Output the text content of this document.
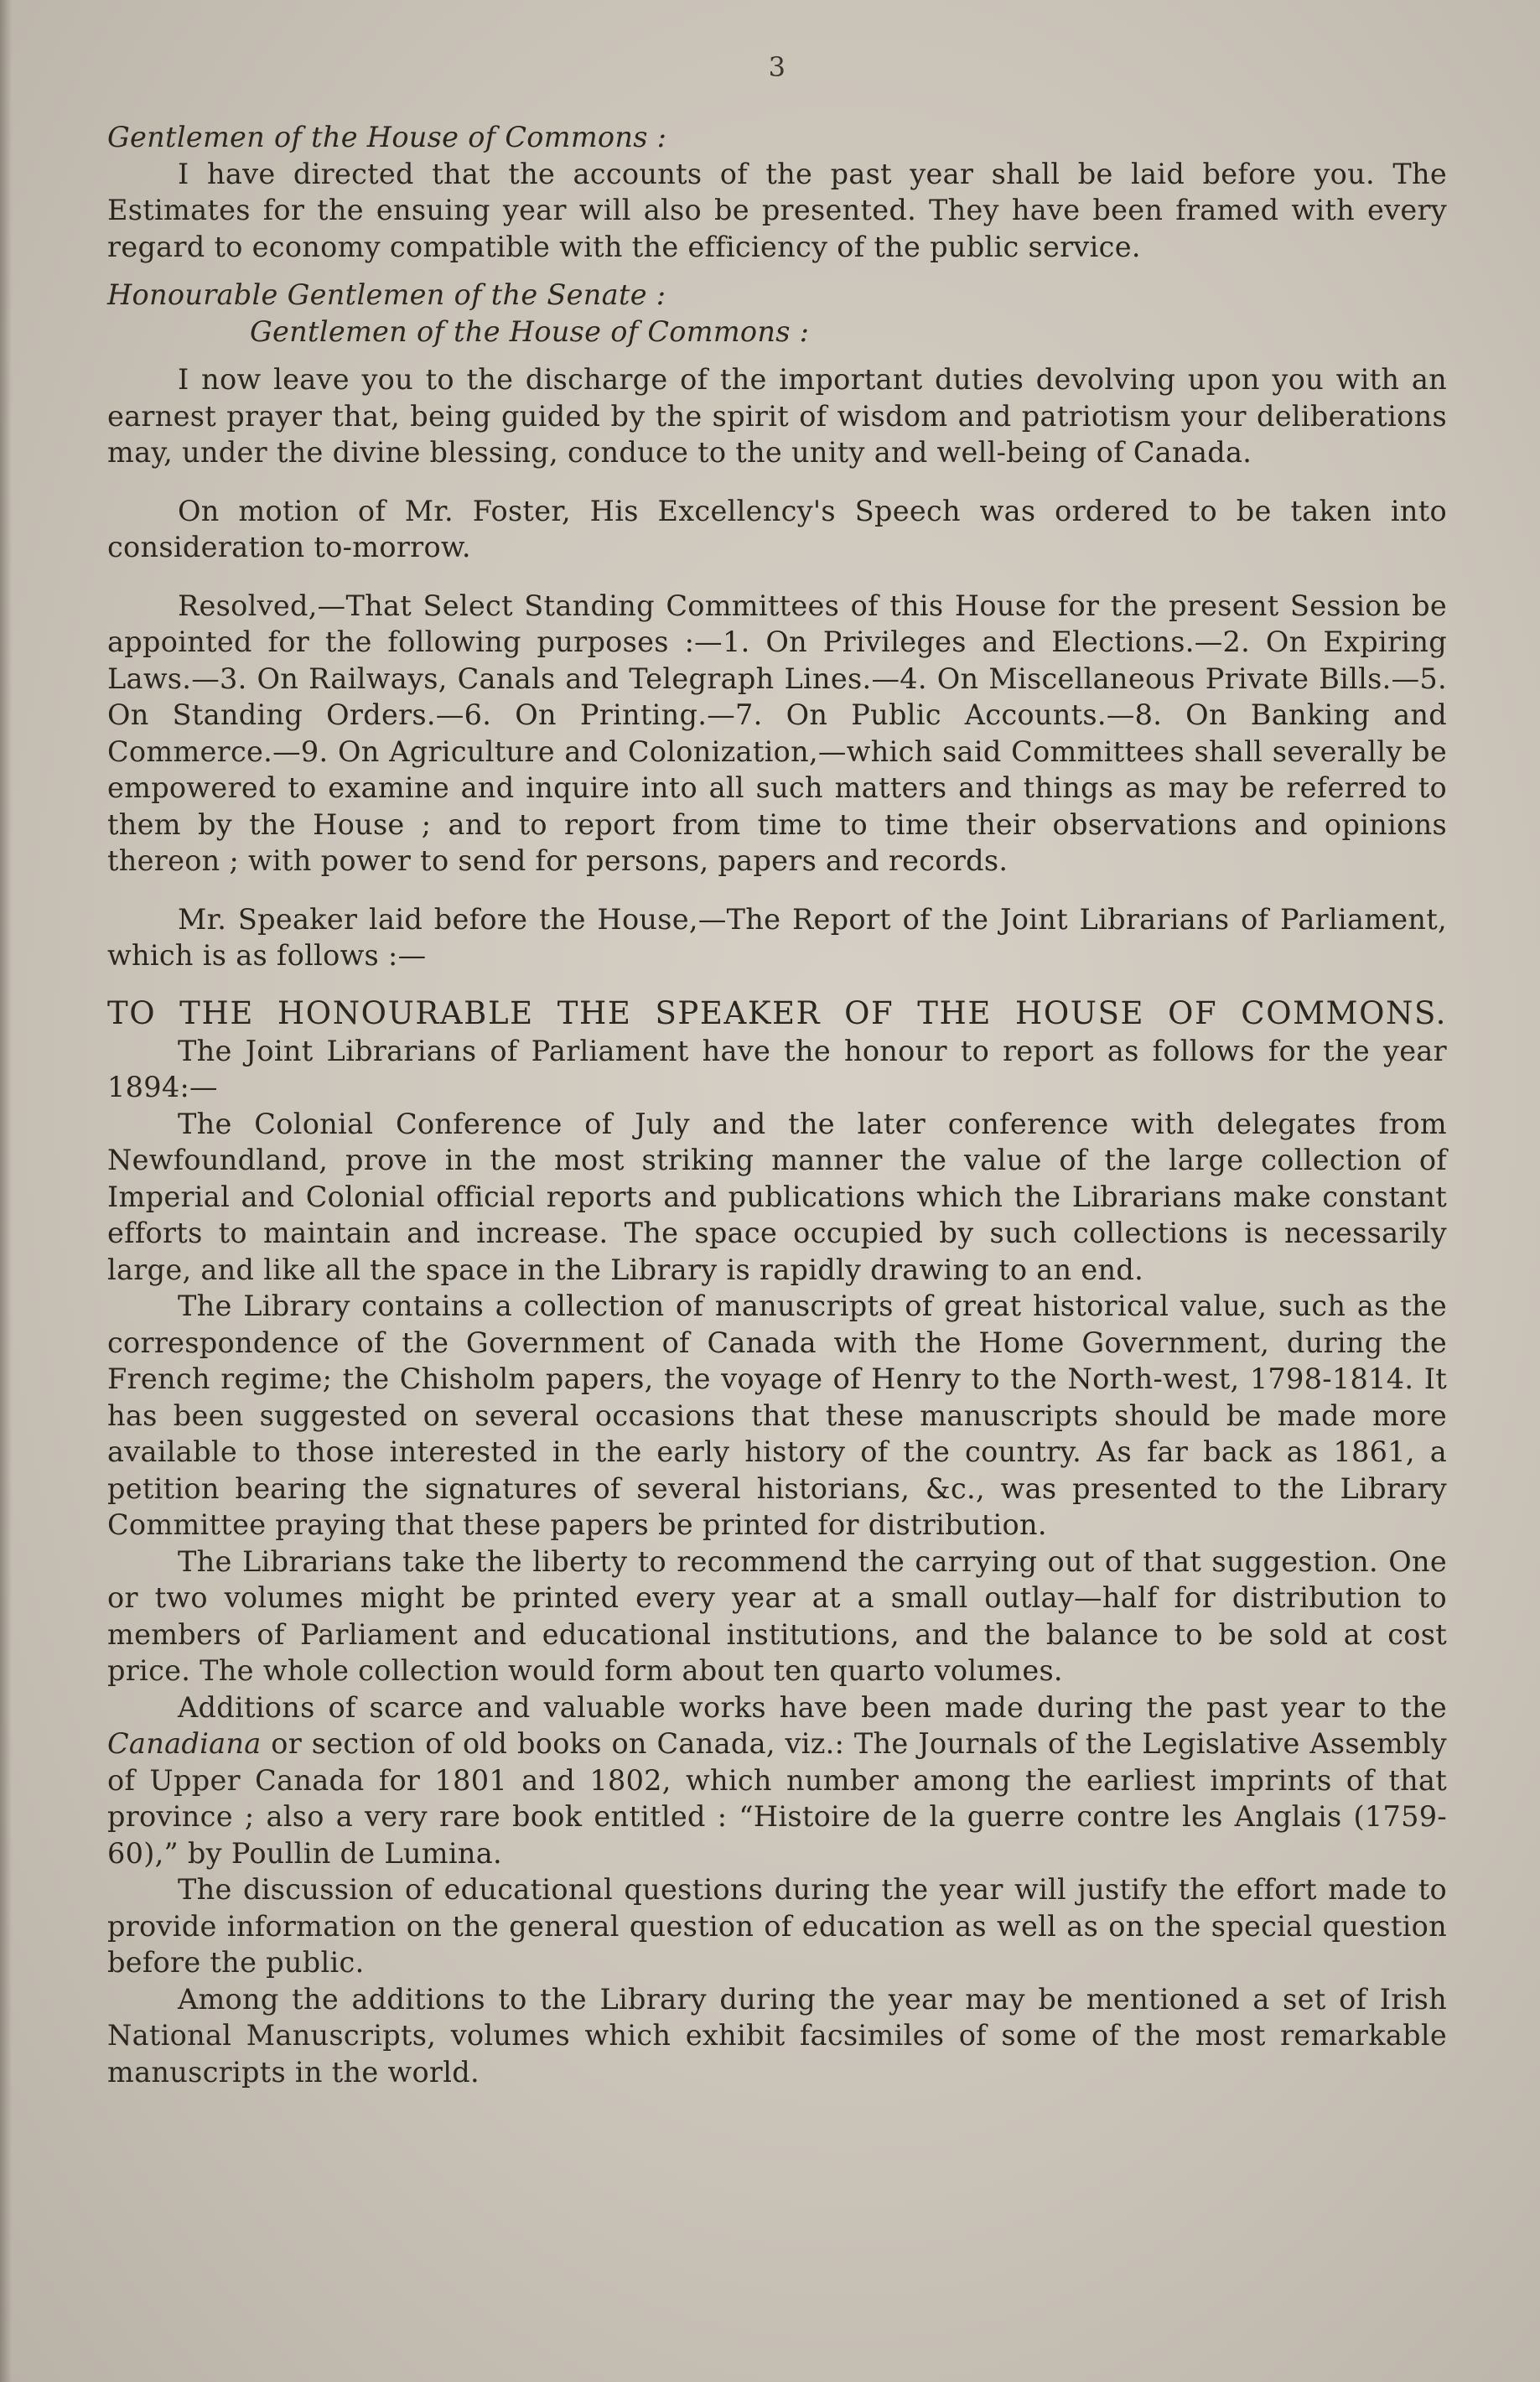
3

Gentlemen of the House of Commons :

I have directed that the accounts of the past year shall be laid before you. The Estimates for the ensuing year will also be presented. They have been framed with every regard to economy compatible with the efficiency of the public service.

Honourable Gentlemen of the Senate :

Gentlemen of the House of Commons :

I now leave you to the discharge of the important duties devolving upon you with an earnest prayer that, being guided by the spirit of wisdom and patriotism your deliberations may, under the divine blessing, conduce to the unity and well-being of Canada.

On motion of Mr. Foster, His Excellency's Speech was ordered to be taken into consideration to-morrow.

Resolved,—That Select Standing Committees of this House for the present Session be appointed for the following purposes :—1. On Privileges and Elections.—2. On Expiring Laws.—3. On Railways, Canals and Telegraph Lines.—4. On Miscellaneous Private Bills.—5. On Standing Orders.—6. On Printing.—7. On Public Accounts.—8. On Banking and Commerce.—9. On Agriculture and Colonization,—which said Committees shall severally be empowered to examine and inquire into all such matters and things as may be referred to them by the House ; and to report from time to time their observations and opinions thereon ; with power to send for persons, papers and records.

Mr. Speaker laid before the House,—The Report of the Joint Librarians of Parliament, which is as follows :—

TO THE HONOURABLE THE SPEAKER OF THE HOUSE OF COMMONS.

The Joint Librarians of Parliament have the honour to report as follows for the year 1894:—

The Colonial Conference of July and the later conference with delegates from Newfoundland, prove in the most striking manner the value of the large collection of Imperial and Colonial official reports and publications which the Librarians make constant efforts to maintain and increase. The space occupied by such collections is necessarily large, and like all the space in the Library is rapidly drawing to an end.

The Library contains a collection of manuscripts of great historical value, such as the correspondence of the Government of Canada with the Home Government, during the French regime; the Chisholm papers, the voyage of Henry to the North-west, 1798-1814. It has been suggested on several occasions that these manuscripts should be made more available to those interested in the early history of the country. As far back as 1861, a petition bearing the signatures of several historians, &c., was presented to the Library Committee praying that these papers be printed for distribution.

The Librarians take the liberty to recommend the carrying out of that suggestion. One or two volumes might be printed every year at a small outlay—half for distribution to members of Parliament and educational institutions, and the balance to be sold at cost price. The whole collection would form about ten quarto volumes.

Additions of scarce and valuable works have been made during the past year to the Canadiana or section of old books on Canada, viz.: The Journals of the Legislative Assembly of Upper Canada for 1801 and 1802, which number among the earliest imprints of that province ; also a very rare book entitled : “Histoire de la guerre contre les Anglais (1759-60),” by Poullin de Lumina.

The discussion of educational questions during the year will justify the effort made to provide information on the general question of education as well as on the special question before the public.

Among the additions to the Library during the year may be mentioned a set of Irish National Manuscripts, volumes which exhibit facsimiles of some of the most remarkable manuscripts in the world.
